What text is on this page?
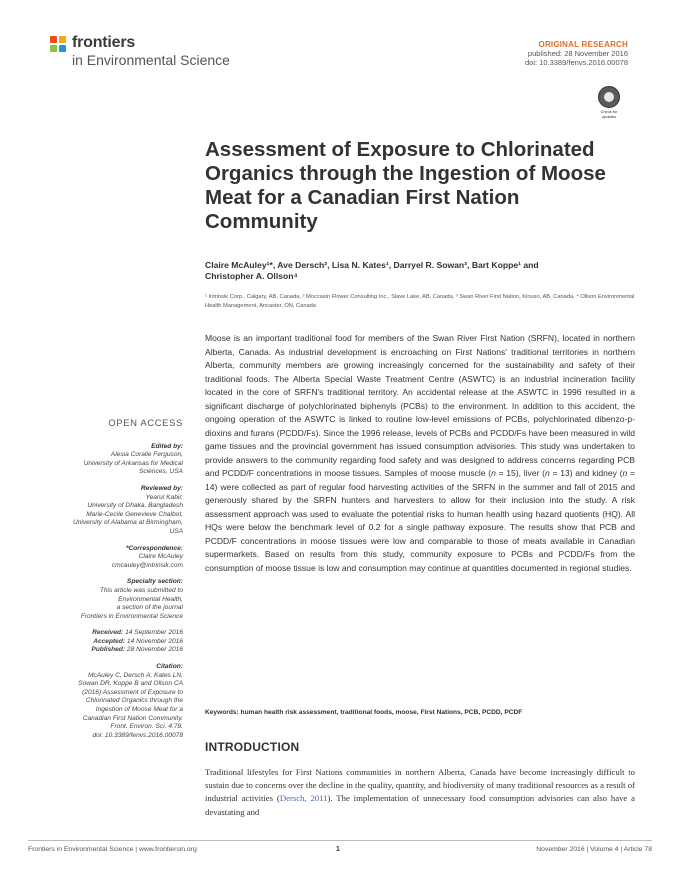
frontiers
in Environmental Science
ORIGINAL RESEARCH
published: 28 November 2016
doi: 10.3389/fenvs.2016.00078
Check for updates
Assessment of Exposure to Chlorinated Organics through the Ingestion of Moose Meat for a Canadian First Nation Community
Claire McAuley¹*, Ave Dersch², Lisa N. Kates¹, Darryel R. Sowan³, Bart Koppe¹ and
Christopher A. Ollson⁴
¹ Intrinsik Corp., Calgary, AB, Canada, ² Moccasin Flower Consulting Inc., Slave Lake, AB, Canada, ³ Swan River First Nation, Kinuso, AB, Canada, ⁴ Ollson Environmental Health Management, Ancaster, ON, Canada
Moose is an important traditional food for members of the Swan River First Nation (SRFN), located in northern Alberta, Canada. As industrial development is encroaching on First Nations' traditional territories in northern Alberta, community members are growing increasingly concerned for the sustainability and safety of their traditional foods. The Alberta Special Waste Treatment Centre (ASWTC) is an industrial incineration facility located in the core of SRFN's traditional territory. An accidental release at the ASWTC in 1996 resulted in a significant discharge of polychlorinated biphenyls (PCBs) to the environment. In addition to this accident, the ongoing operation of the ASWTC is linked to routine low-level emissions of PCBs, polychlorinated dibenzo-p-dioxins and furans (PCDD/Fs). Since the 1996 release, levels of PCBs and PCDD/Fs have been measured in wild game tissues and the provincial government has issued consumption advisories. This study was undertaken to provide answers to the community regarding food safety and was designed to address concerns regarding PCB and PCDD/F concentrations in moose tissues. Samples of moose muscle (n = 15), liver (n = 13) and kidney (n = 14) were collected as part of regular food harvesting activities of the SRFN in the summer and fall of 2015 and generously shared by the SRFN hunters and harvesters to allow for their inclusion into the study. A risk assessment approach was used to evaluate the potential risks to human health using hazard quotients (HQ). All HQs were below the benchmark level of 0.2 for a single pathway exposure. The results show that PCB and PCDD/F concentrations in moose tissues were low and comparable to those of meats available in Canadian supermarkets. Based on results from this study, community exposure to PCBs and PCDD/Fs from the consumption of moose tissue is low and consumption may continue at quantities documented in regional studies.
Keywords: human health risk assessment, traditional foods, moose, First Nations, PCB, PCDD, PCDF
INTRODUCTION
Traditional lifestyles for First Nations communities in northern Alberta, Canada have become increasingly difficult to sustain due to concerns over the decline in the quality, quantity, and biodiversity of many traditional resources as a result of industrial activities (Dersch, 2011). The implementation of unnecessary food consumption advisories can also have a devastating and
OPEN ACCESS
Edited by:
Alesia Coralie Ferguson,
University of Arkansas for Medical
Sciences, USA
Reviewed by:
Yearul Kabir,
University of Dhaka, Bangladesh
Marie-Cecile Genevieve Chalbot,
University of Alabama at Birmingham,
USA
*Correspondence:
Claire McAuley
cmcauley@intrinsik.com
Specialty section:
This article was submitted to
Environmental Health,
a section of the journal
Frontiers in Environmental Science
Received: 14 September 2016
Accepted: 14 November 2016
Published: 28 November 2016
Citation:
McAuley C, Dersch A, Kates LN,
Sowan DR, Koppe B and Ollson CA
(2016) Assessment of Exposure to
Chlorinated Organics through the
Ingestion of Moose Meat for a
Canadian First Nation Community.
Front. Environ. Sci. 4:78.
doi: 10.3389/fenvs.2016.00078
Frontiers in Environmental Science | www.frontiersin.org	1	November 2016 | Volume 4 | Article 78
